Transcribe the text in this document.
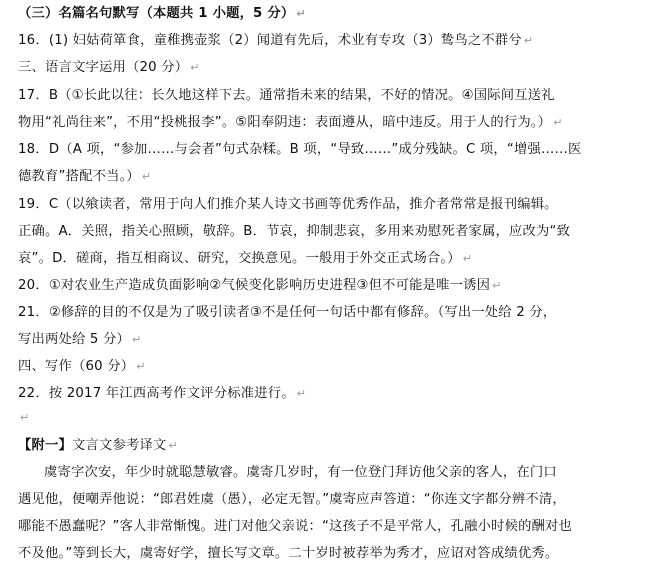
（三）名篇名句默写（本题共 1 小题，5 分） ↵
16．(1) 妇姑荷箪食，童稚携壶浆（2）闻道有先后，术业有专攻（3）鸷鸟之不群兮 ↵
三、语言文字运用（20 分） ↵
17．B（①长此以往：长久地这样下去。通常指未来的结果，不好的情况。④国际间互送礼
物用“礼尚往来”，不用“投桃报李”。⑤阳奉阴违：表面遵从，暗中违反。用于人的行为。） ↵
18．D（A 项，“参加……与会者”句式杂糅。B 项，“导致……”成分残缺。C 项，“增强……医
德教育”搭配不当。） ↵
19．C（以飨读者，常用于向人们推介某人诗文书画等优秀作品，推介者常常是报刊编辑。
正确。A．关照，指关心照顾，敬辞。B．节哀，抑制悲哀，多用来劝慰死者家属，应改为“致
哀”。D．磋商，指互相商议、研究，交换意见。一般用于外交正式场合。） ↵
20．①对农业生产造成负面影响②气候变化影响历史进程③但不可能是唯一诱因 ↵
21．②修辞的目的不仅是为了吸引读者③不是任何一句话中都有修辞。（写出一处给 2 分，
写出两处给 5 分） ↵
四、写作（60 分） ↵
22．按 2017 年江西高考作文评分标准进行。 ↵
↵
【附一】文言文参考译文 ↵
虞寄字次安，年少时就聪慧敏睿。虞寄几岁时，有一位登门拜访他父亲的客人，在门口
遇见他，便嘲弄他说：“郎君姓虞（愚），必定无智。”虞寄应声答道：“你连文字都分辨不清，
哪能不愚蠢呢？”客人非常惭愧。进门对他父亲说：“这孩子不是平常人，孔融小时候的酬对也
不及他。”等到长大，虞寄好学，擅长写文章。二十岁时被荐举为秀才，应诏对答成绩优秀。
